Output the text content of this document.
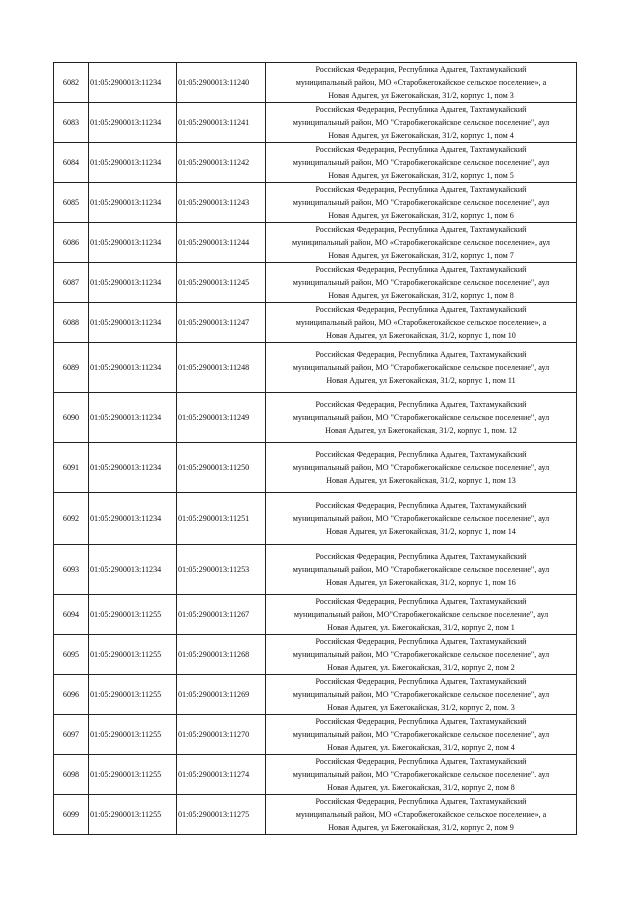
6082	01:05:2900013:11234	01:05:2900013:11240	Российская Федерация, Республика Адыгея, Тахтамукайский
муниципальный район, МО «Старобжегокайское сельское поселение», а
Новая Адыгея, ул Бжегокайская, 31/2, корпус 1, пом 3

6083	01:05:2900013:11234	01:05:2900013:11241	Российская Федерация, Республика Адыгея, Тахтамукайский
муниципальный район, МО "Старобжегокайское сельское поселение", аул
Новая Адыгея, ул Бжегокайская, 31/2, корпус 1, пом 4

6084	01:05:2900013:11234	01:05:2900013:11242	Российская Федерация, Республика Адыгея, Тахтамукайский
муниципальный район, МО "Старобжегокайское сельское поселение", аул
Новая Адыгея, ул Бжегокайская, 31/2, корпус 1, пом 5

6085	01:05:2900013:11234	01:05:2900013:11243	Российская Федерация, Республика Адыгея, Тахтамукайский
муниципальный район, МО "Старобжегокайское сельское поселение", аул
Новая Адыгея, ул Бжегокайская, 31/2, корпус 1, пом 6

6086	01:05:2900013:11234	01:05:2900013:11244	Российская Федерация, Республика Адыгея, Тахтамукайский
муниципальный район, МО «Старобжегокайское сельское поселение», аул
Новая Адыгея, ул Бжегокайская, 31/2, корпус 1, пом 7

6087	01:05:2900013:11234	01:05:2900013:11245	Российская Федерация, Республика Адыгея, Тахтамукайский
муниципальный район, МО "Старобжегокайское сельское поселение", аул
Новая Адыгея, ул Бжегокайская, 31/2, корпус 1, пом 8

6088	01:05:2900013:11234	01:05:2900013:11247	Российская Федерация, Республика Адыгея, Тахтамукайский
муниципальный район, МО «Старобжегокайское сельское поселение», а
Новая Адыгея, ул Бжегокайская, 31/2, корпус 1, пом 10

6089	01:05:2900013:11234	01:05:2900013:11248	Российская Федерация, Республика Адыгея, Тахтамукайский
муниципальный район, МО "Старобжегокайское сельское поселение", аул
Новая Адыгея, ул Бжегокайская, 31/2, корпус 1, пом 11

6090	01:05:2900013:11234	01:05:2900013:11249	Российская Федерация, Республика Адыгея, Тахтамукайский
муниципальный район, МО "Старобжегокайское сельское поселение", аул
Новая Адыгея, ул Бжегокайская, 31/2, корпус 1, пом. 12

6091	01:05:2900013:11234	01:05:2900013:11250	Российская Федерация, Республика Адыгея, Тахтамукайский
муниципальный район, МО "Старобжегокайское сельское поселение", аул
Новая Адыгея, ул Бжегокайская, 31/2, корпус 1, пом 13

6092	01:05:2900013:11234	01:05:2900013:11251	Российская Федерация, Республика Адыгея, Тахтамукайский
муниципальный район, МО "Старобжегокайское сельское поселение", аул
Новая Адыгея, ул Бжегокайская, 31/2, корпус 1, пом 14

6093	01:05:2900013:11234	01:05:2900013:11253	Российская Федерация, Республика Адыгея, Тахтамукайский
муниципальный район, МО "Старобжегокайское сельское поселение", аул
Новая Адыгея, ул Бжегокайская, 31/2, корпус 1, пом 16

6094	01:05:2900013:11255	01:05:2900013:11267	Российская Федерация, Республика Адыгея, Тахтамукайский
муниципальный район, МО"Старобжегокайское сельское поселение", аул
Новая Адыгея, ул. Бжегокайская, 31/2, корпус 2, пом 1

6095	01:05:2900013:11255	01:05:2900013:11268	Российская Федерация, Республика Адыгея, Тахтамукайский
муниципальный район, МО "Старобжегокайское сельское поселение", аул
Новая Адыгея, ул. Бжегокайская, 31/2, корпус 2, пом 2

6096	01:05:2900013:11255	01:05:2900013:11269	Российская Федерация, Республика Адыгея, Тахтамукайский
муниципальный район, МО "Старобжегокайское сельское поселение", аул
Новая Адыгея, ул Бжегокайская, 31/2, корпус 2, пом. 3

6097	01:05:2900013:11255	01:05:2900013:11270	Российская Федерация, Республика Адыгея, Тахтамукайский
муниципальный район, МО "Старобжегокайское сельское поселение", аул
Новая Адыгея, ул. Бжегокайская, 31/2, корпус 2, пом 4

6098	01:05:2900013:11255	01:05:2900013:11274	Российская Федерация, Республика Адыгея, Тахтамукайский
муниципальный район, МО "Старобжегокайское сельское поселение". аул
Новая Адыгея, ул. Бжегокайская, 31/2, корпус 2, пом 8

6099	01:05:2900013:11255	01:05:2900013:11275	Российская Федерация, Республика Адыгея, Тахтамукайский
муниципальный район, МО «Старобжегокайское сельское поселение», а
Новая Адыгея, ул Бжегокайская, 31/2, корпус 2, пом 9
